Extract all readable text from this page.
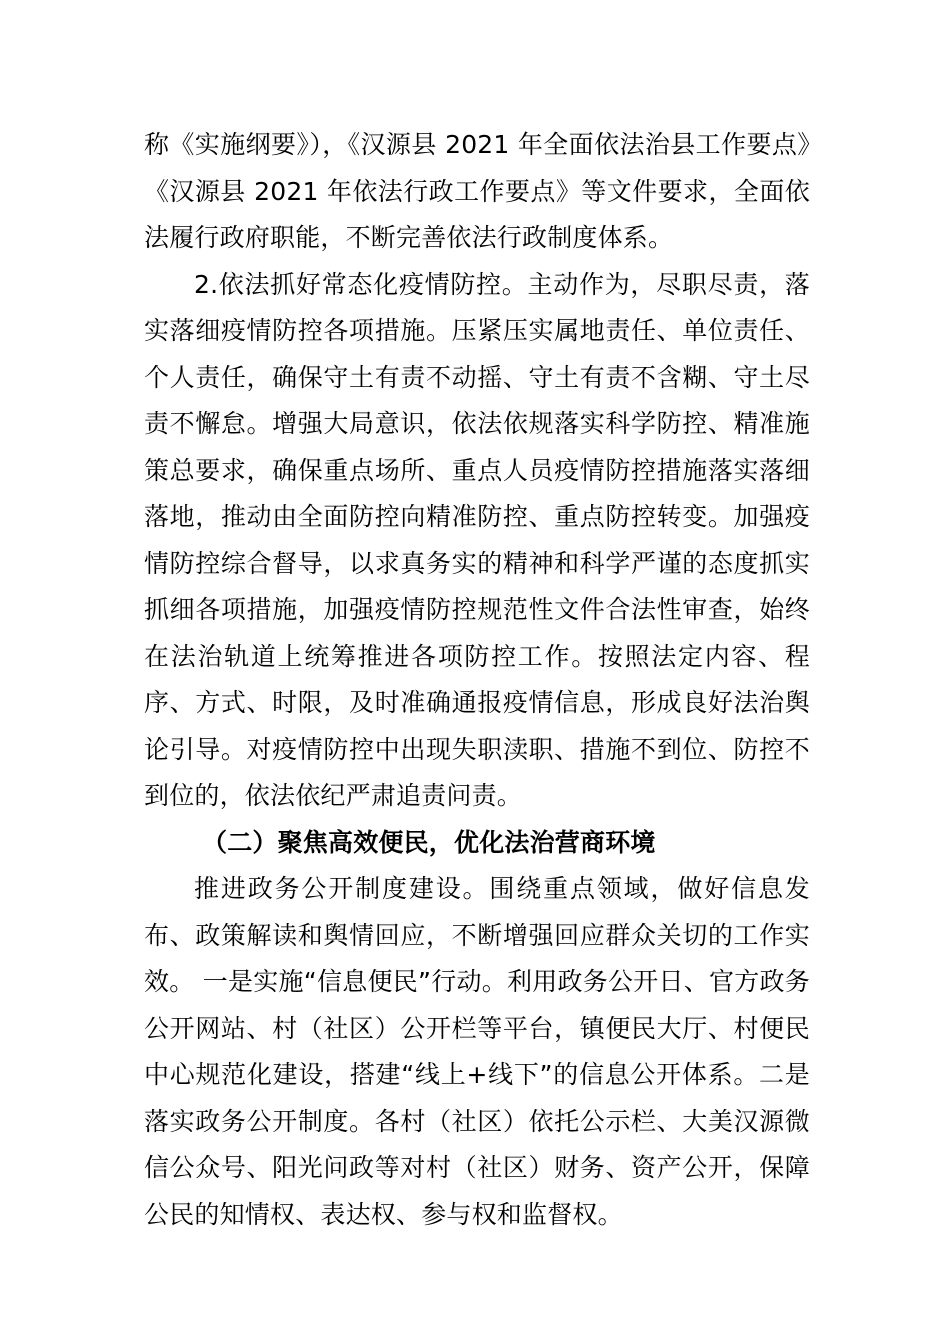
称《实施纲要》），《汉源县 2021 年全面依法治县工作要点》《汉源县 2021 年依法行政工作要点》等文件要求，全面依法履行政府职能，不断完善依法行政制度体系。

2.依法抓好常态化疫情防控。主动作为，尽职尽责，落实落细疫情防控各项措施。压紧压实属地责任、单位责任、 个人责任，确保守土有责不动摇、守土有责不含糊、守土尽责不懈怠。增强大局意识，依法依规落实科学防控、精准施策总要求，确保重点场所、重点人员疫情防控措施落实落细落地，推动由全面防控向精准防控、重点防控转变。加强疫情防控综合督导，以求真务实的精神和科学严谨的态度抓实抓细各项措施，加强疫情防控规范性文件合法性审查，始终在法治轨道上统筹推进各项防控工作。按照法定内容、程序、方式、时限，及时准确通报疫情信息，形成良好法治舆论引导。对疫情防控中出现失职渎职、措施不到位、防控不到位的，依法依纪严肃追责问责。

（二）聚焦高效便民，优化法治营商环境

推进政务公开制度建设。围绕重点领域，做好信息发布、政策解读和舆情回应，不断增强回应群众关切的工作实效。 一是实施“信息便民”行动。利用政务公开日、官方政务公开网站、村（社区）公开栏等平台，镇便民大厅、村便民中心规范化建设，搭建“线上+线下”的信息公开体系。二是落实政务公开制度。各村（社区）依托公示栏、大美汉源微信公众号、阳光问政等对村（社区）财务、资产公开，保障公民的知情权、表达权、参与权和监督权。
